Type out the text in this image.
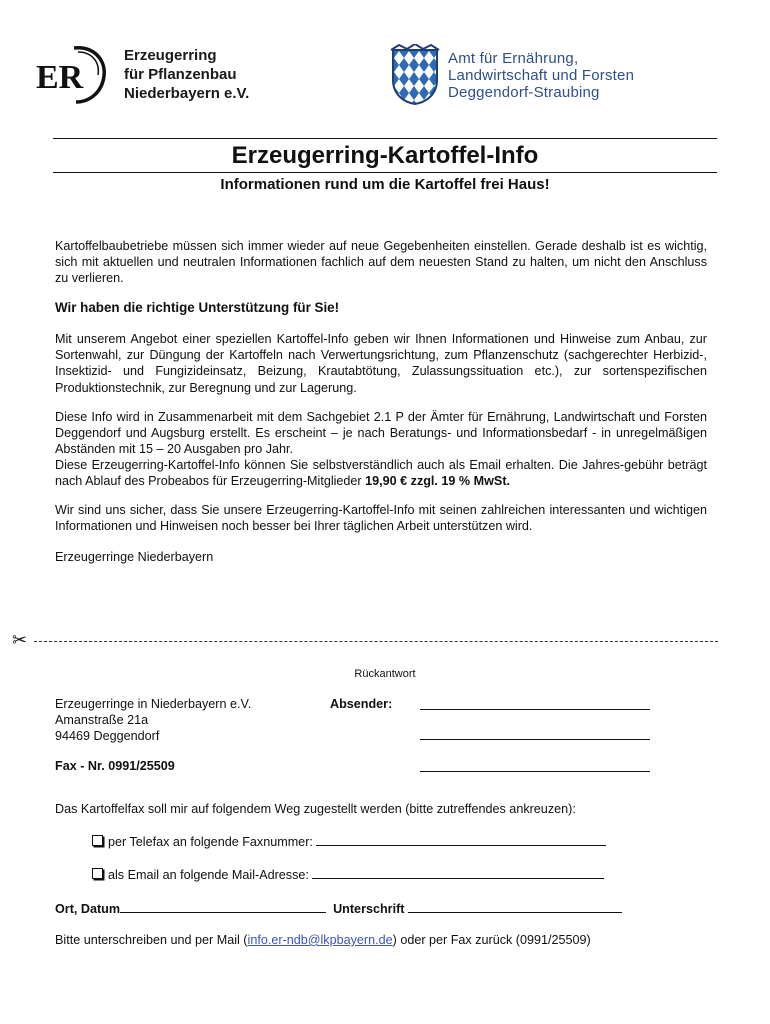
ER
Erzeugerring
für Pflanzenbau
Niederbayern e.V.
Amt für Ernährung,
Landwirtschaft und Forsten
Deggendorf-Straubing
Erzeugerring-Kartoffel-Info
Informationen rund um die Kartoffel frei Haus!
Kartoffelbaubetriebe müssen sich immer wieder auf neue Gegebenheiten einstellen. Gerade deshalb ist es wichtig, sich mit aktuellen und neutralen Informationen fachlich auf dem neuesten Stand zu halten, um nicht den Anschluss zu verlieren.
Wir haben die richtige Unterstützung für Sie!
Mit unserem Angebot einer speziellen Kartoffel-Info geben wir Ihnen Informationen und Hinweise zum Anbau, zur Sortenwahl, zur Düngung der Kartoffeln nach Verwertungsrichtung, zum Pflanzenschutz (sachgerechter Herbizid-, Insektizid- und Fungizideinsatz, Beizung, Krautabtötung, Zulassungssituation etc.), zur sortenspezifischen Produktionstechnik, zur Beregnung und zur Lagerung.
Diese Info wird in Zusammenarbeit mit dem Sachgebiet 2.1 P der Ämter für Ernährung, Landwirtschaft und Forsten Deggendorf und Augsburg erstellt. Es erscheint – je nach Beratungs- und Informationsbedarf - in unregelmäßigen Abständen mit 15 – 20 Ausgaben pro Jahr.
Diese Erzeugerring-Kartoffel-Info können Sie selbstverständlich auch als Email erhalten. Die Jahres-gebühr beträgt nach Ablauf des Probeabos für Erzeugerring-Mitglieder 19,90 € zzgl. 19 % MwSt.
Wir sind uns sicher, dass Sie unsere Erzeugerring-Kartoffel-Info mit seinen zahlreichen interessanten und wichtigen Informationen und Hinweisen noch besser bei Ihrer täglichen Arbeit unterstützen wird.
Erzeugerringe Niederbayern
✂
Rückantwort
Erzeugerringe in Niederbayern e.V.
Amanstraße 21a
94469 Deggendorf
Absender:
Fax - Nr. 0991/25509
Das Kartoffelfax soll mir auf folgendem Weg zugestellt werden (bitte zutreffendes ankreuzen):
per Telefax an folgende Faxnummer:
als Email an folgende Mail-Adresse:
Ort, Datum	Unterschrift
Bitte unterschreiben und per Mail (info.er-ndb@lkpbayern.de) oder per Fax zurück (0991/25509)
